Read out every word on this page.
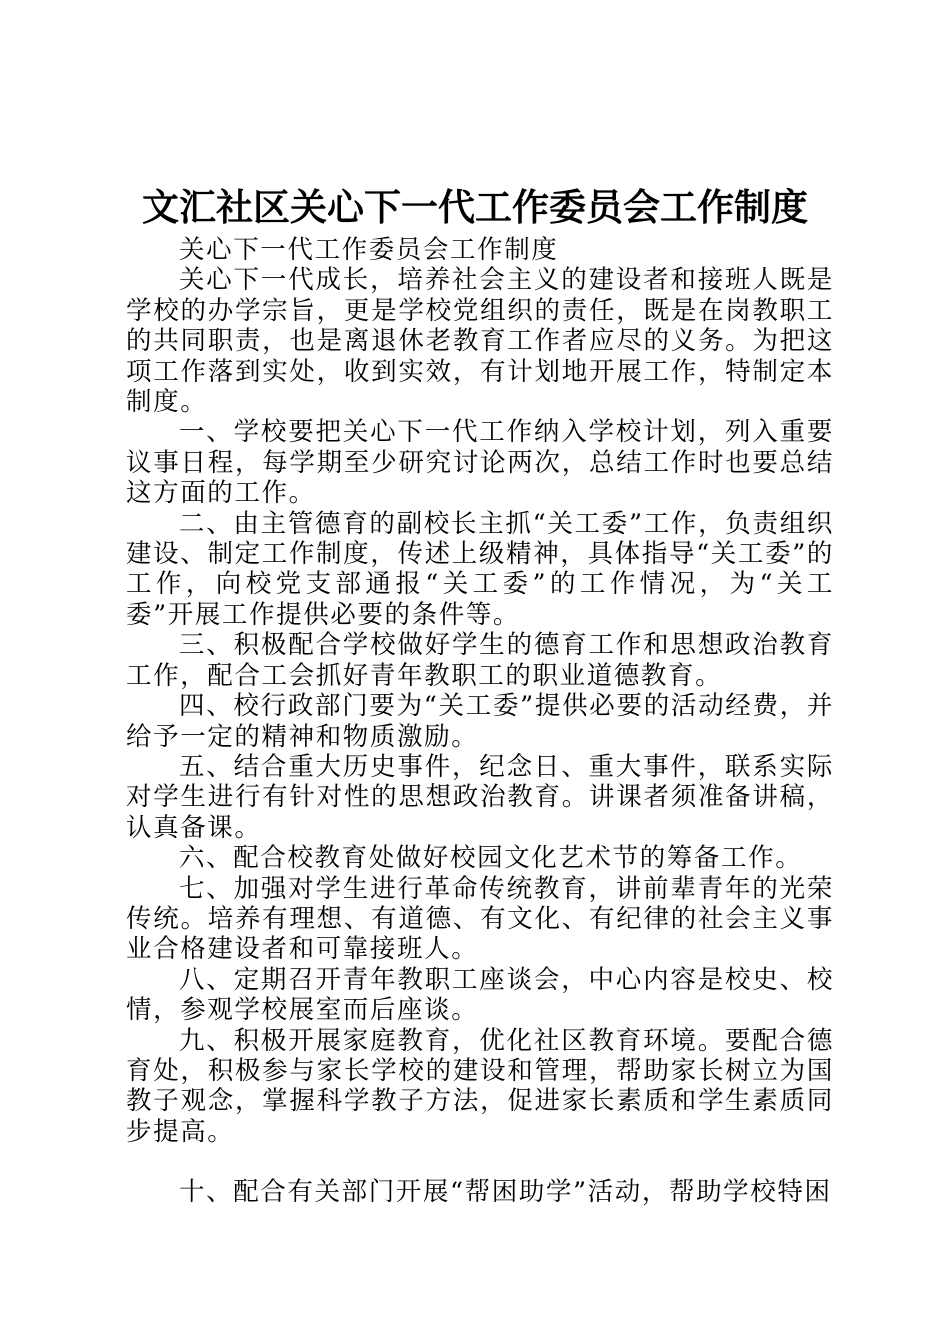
文汇社区关心下一代工作委员会工作制度

关心下一代工作委员会工作制度

关心下一代成长，培养社会主义的建设者和接班人既是学校的办学宗旨，更是学校党组织的责任，既是在岗教职工的共同职责，也是离退休老教育工作者应尽的义务。为把这项工作落到实处，收到实效，有计划地开展工作，特制定本制度。

一、学校要把关心下一代工作纳入学校计划，列入重要议事日程，每学期至少研究讨论两次，总结工作时也要总结这方面的工作。

二、由主管德育的副校长主抓“关工委”工作，负责组织建设、制定工作制度，传述上级精神，具体指导“关工委”的工作，向校党支部通报“关工委”的工作情况，为“关工委”开展工作提供必要的条件等。

三、积极配合学校做好学生的德育工作和思想政治教育工作，配合工会抓好青年教职工的职业道德教育。

四、校行政部门要为“关工委”提供必要的活动经费，并给予一定的精神和物质激励。

五、结合重大历史事件，纪念日、重大事件，联系实际对学生进行有针对性的思想政治教育。讲课者须准备讲稿，认真备课。

六、配合校教育处做好校园文化艺术节的筹备工作。

七、加强对学生进行革命传统教育，讲前辈青年的光荣传统。培养有理想、有道德、有文化、有纪律的社会主义事业合格建设者和可靠接班人。

八、定期召开青年教职工座谈会，中心内容是校史、校情，参观学校展室而后座谈。

九、积极开展家庭教育，优化社区教育环境。要配合德育处，积极参与家长学校的建设和管理，帮助家长树立为国教子观念，掌握科学教子方法，促进家长素质和学生素质同步提高。

十、配合有关部门开展“帮困助学”活动，帮助学校特困
